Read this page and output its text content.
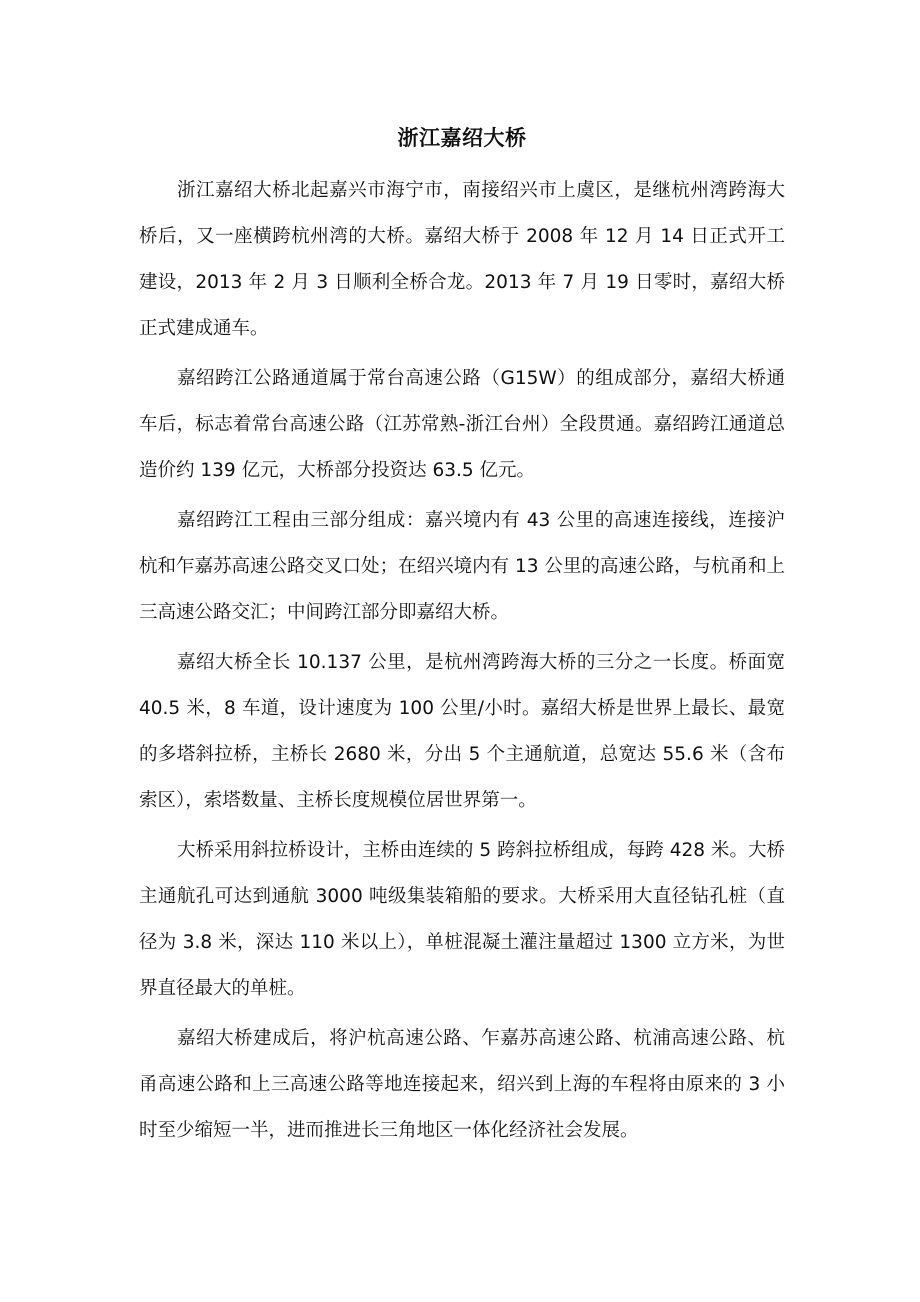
浙江嘉绍大桥

浙江嘉绍大桥北起嘉兴市海宁市，南接绍兴市上虞区，是继杭州湾跨海大桥后，又一座横跨杭州湾的大桥。嘉绍大桥于 2008 年 12 月 14 日正式开工建设，2013 年 2 月 3 日顺利全桥合龙。2013 年 7 月 19 日零时，嘉绍大桥正式建成通车。

嘉绍跨江公路通道属于常台高速公路（G15W）的组成部分，嘉绍大桥通车后，标志着常台高速公路（江苏常熟-浙江台州）全段贯通。嘉绍跨江通道总造价约 139 亿元，大桥部分投资达 63.5 亿元。

嘉绍跨江工程由三部分组成：嘉兴境内有 43 公里的高速连接线，连接沪杭和乍嘉苏高速公路交叉口处；在绍兴境内有 13 公里的高速公路，与杭甬和上三高速公路交汇；中间跨江部分即嘉绍大桥。

嘉绍大桥全长 10.137 公里，是杭州湾跨海大桥的三分之一长度。桥面宽 40.5 米，8 车道，设计速度为 100 公里/小时。嘉绍大桥是世界上最长、最宽的多塔斜拉桥，主桥长 2680 米，分出 5 个主通航道，总宽达 55.6 米（含布索区），索塔数量、主桥长度规模位居世界第一。

大桥采用斜拉桥设计，主桥由连续的 5 跨斜拉桥组成，每跨 428 米。大桥主通航孔可达到通航 3000 吨级集装箱船的要求。大桥采用大直径钻孔桩（直径为 3.8 米，深达 110 米以上），单桩混凝土灌注量超过 1300 立方米，为世界直径最大的单桩。

嘉绍大桥建成后，将沪杭高速公路、乍嘉苏高速公路、杭浦高速公路、杭甬高速公路和上三高速公路等地连接起来，绍兴到上海的车程将由原来的 3 小时至少缩短一半，进而推进长三角地区一体化经济社会发展。
